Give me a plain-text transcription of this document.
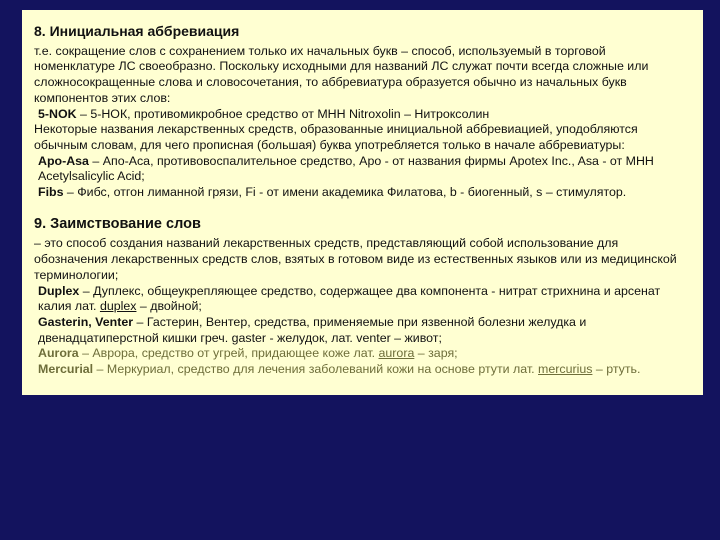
8. Инициальная аббревиация

т.е. сокращение слов с сохранением только их начальных букв – способ, используемый в торговой номенклатуре ЛС своеобразно. Поскольку исходными для названий ЛС служат почти всегда сложные или сложносокращенные слова и словосочетания, то аббревиатура образуется обычно из начальных букв компонентов этих слов:

5-NOK – 5-НОК, противомикробное средство от МНН Nitroxolin – Нитроксолин

Некоторые названия лекарственных средств, образованные инициальной аббревиацией, уподобляются обычным словам, для чего прописная (большая) буква употребляется только в начале аббревиатуры:

Apo-Asa – Апо-Аса, противовоспалительное средство, Apo - от названия фирмы Apotex Inc., Asa - от МНН Acetylsalicylic Acid;

Fibs – Фибс, отгон лиманной грязи, Fi - от имени академика Филатова, b - биогенный, s – стимулятор.

9. Заимствование слов

– это способ создания названий лекарственных средств, представляющий собой использование для обозначения лекарственных средств слов, взятых в готовом виде из естественных языков или из медицинской терминологии;

Duplex – Дуплекс, общеукрепляющее средство, содержащее два компонента - нитрат стрихнина и арсенат калия лат. duplex – двойной;

Gasterin, Venter – Гастерин, Вентер, средства, применяемые при язвенной болезни желудка и двенадцатиперстной кишки греч. gaster - желудок, лат. venter – живот;

Aurora – Аврора, средство от угрей, придающее коже лат. aurora – заря;

Mercurial – Меркуриал, средство для лечения заболеваний кожи на основе ртути лат. mercurius – ртуть.
